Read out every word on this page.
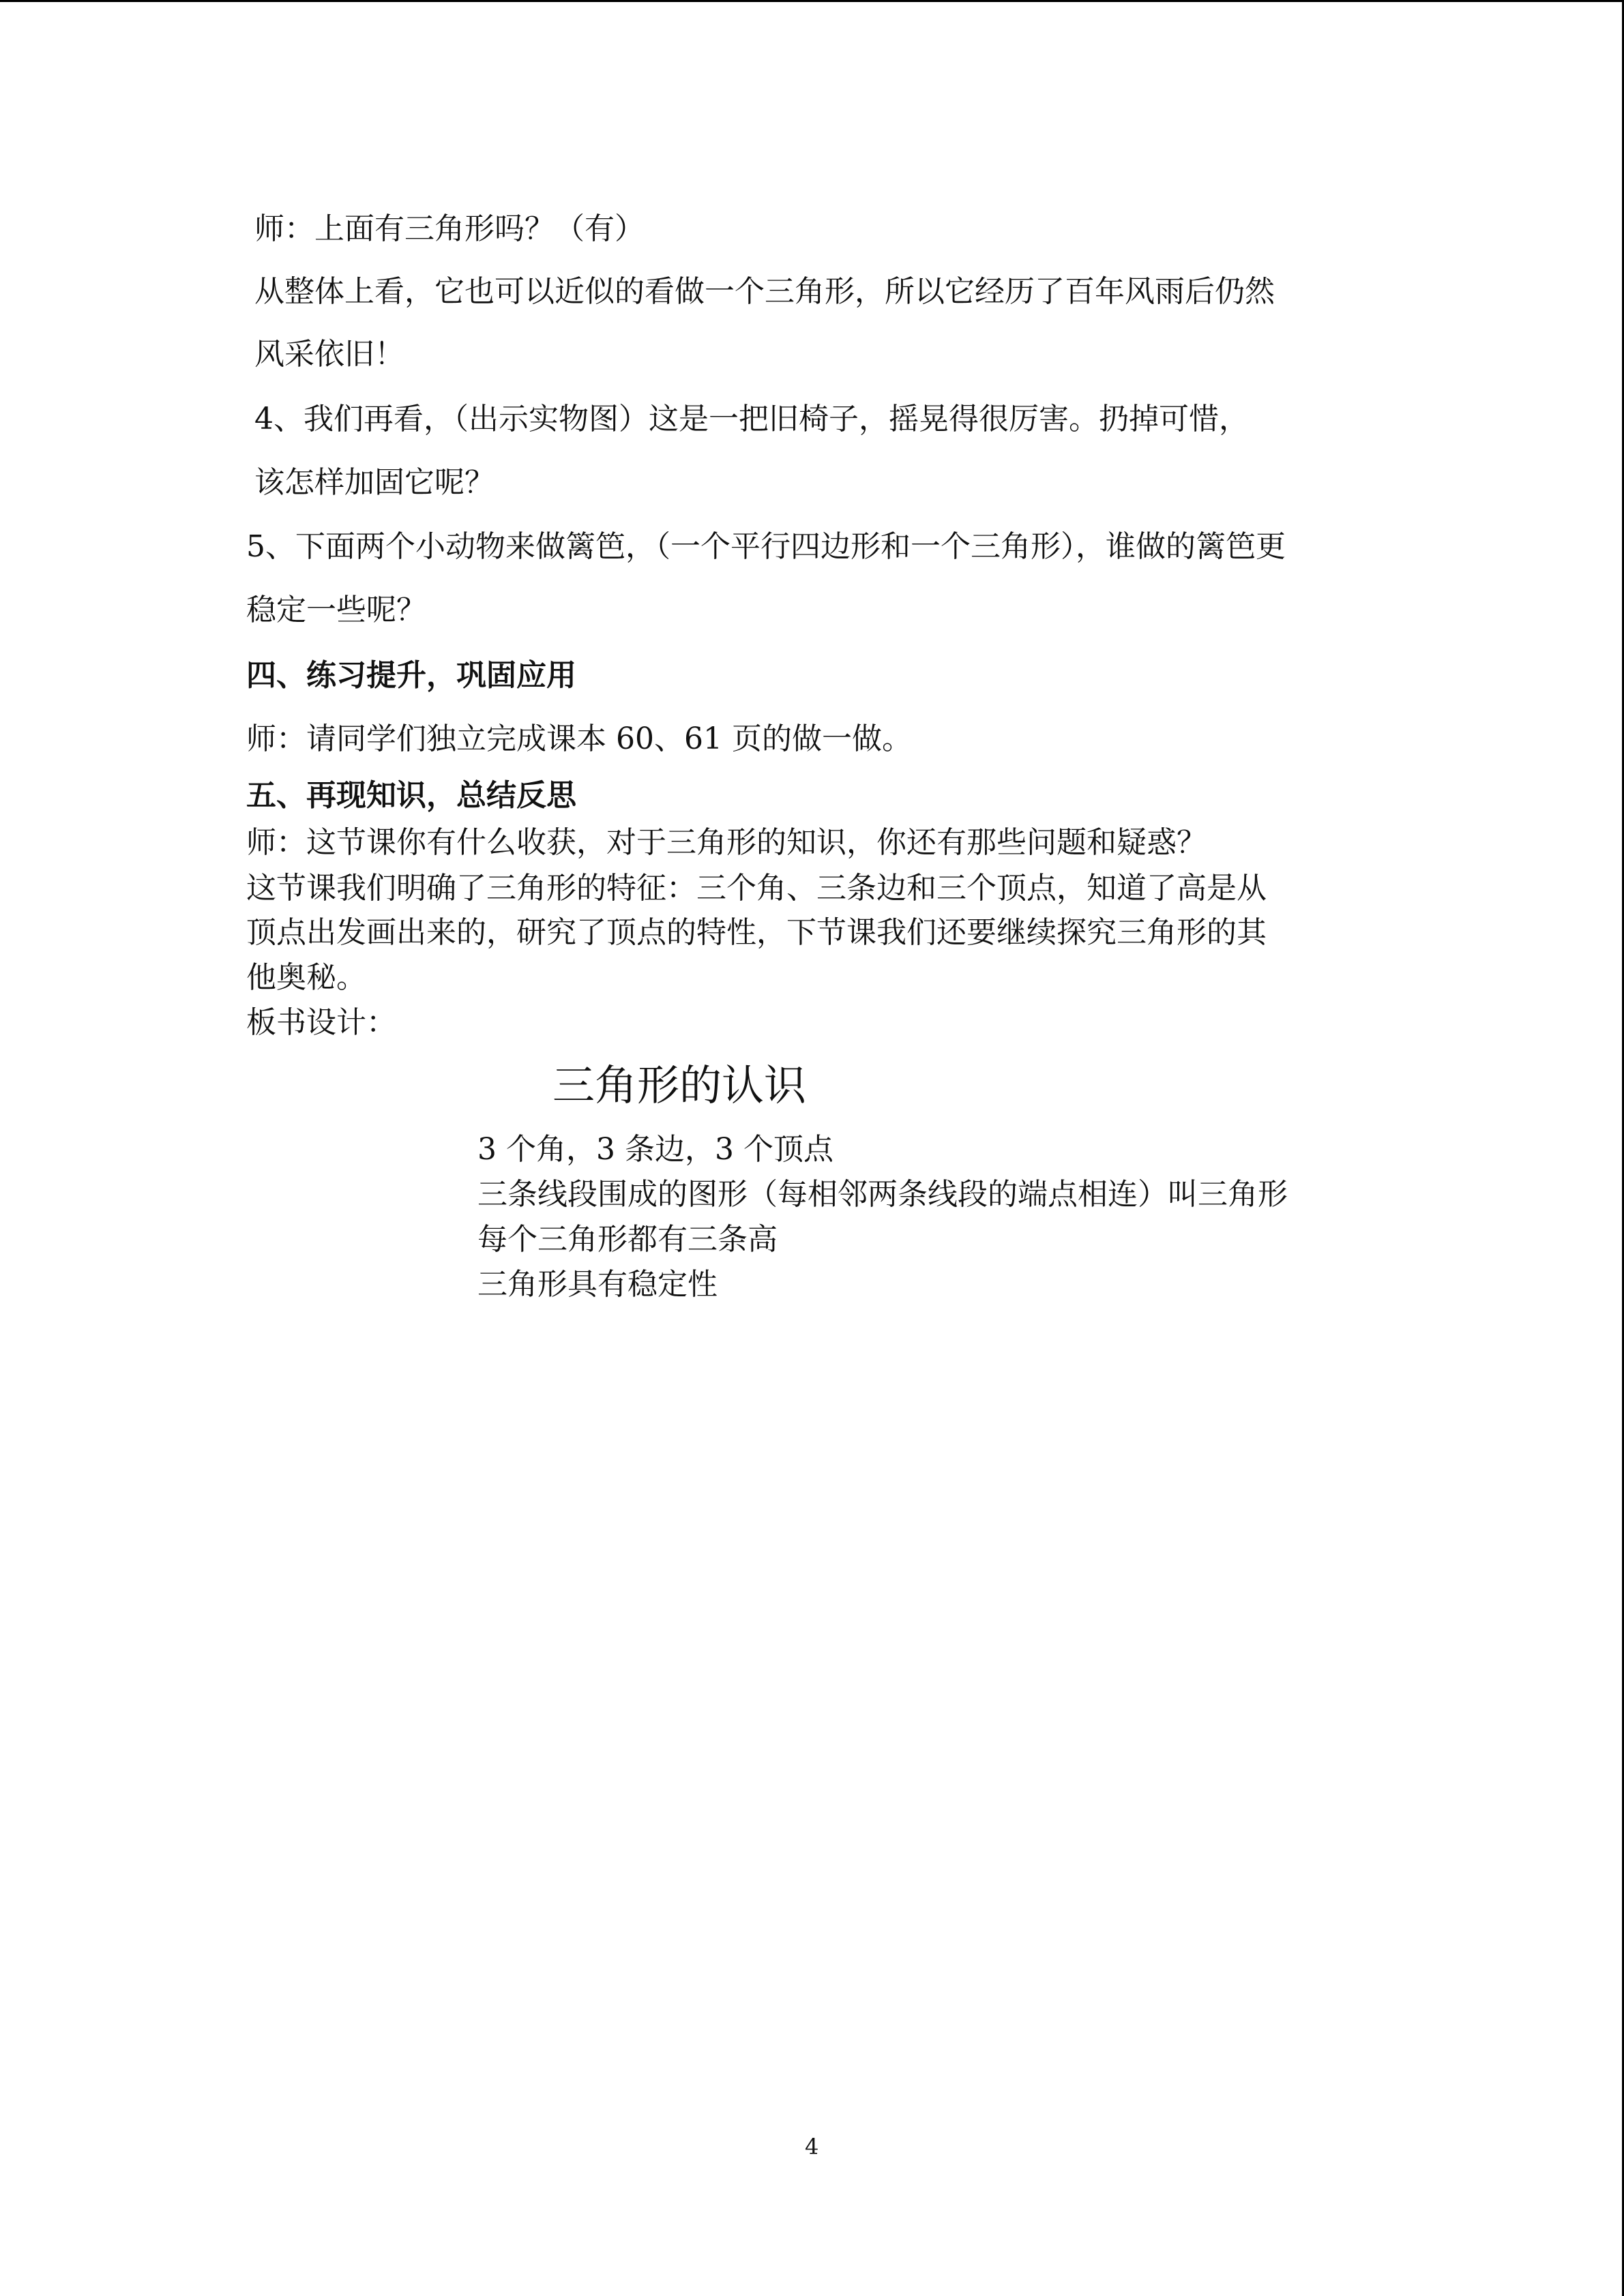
师：上面有三角形吗？（有）
从整体上看，它也可以近似的看做一个三角形，所以它经历了百年风雨后仍然
风采依旧！
4、我们再看，（出示实物图）这是一把旧椅子，摇晃得很厉害。扔掉可惜，
该怎样加固它呢？
5、下面两个小动物来做篱笆，（一个平行四边形和一个三角形），谁做的篱笆更
稳定一些呢？
四、练习提升，巩固应用
师：请同学们独立完成课本 60、61 页的做一做。
五、再现知识，总结反思
师：这节课你有什么收获，对于三角形的知识，你还有那些问题和疑惑？
这节课我们明确了三角形的特征：三个角、三条边和三个顶点，知道了高是从
顶点出发画出来的，研究了顶点的特性，下节课我们还要继续探究三角形的其
他奥秘。
板书设计：
三角形的认识
3 个角，3 条边，3 个顶点
三条线段围成的图形（每相邻两条线段的端点相连）叫三角形
每个三角形都有三条高
三角形具有稳定性
4
